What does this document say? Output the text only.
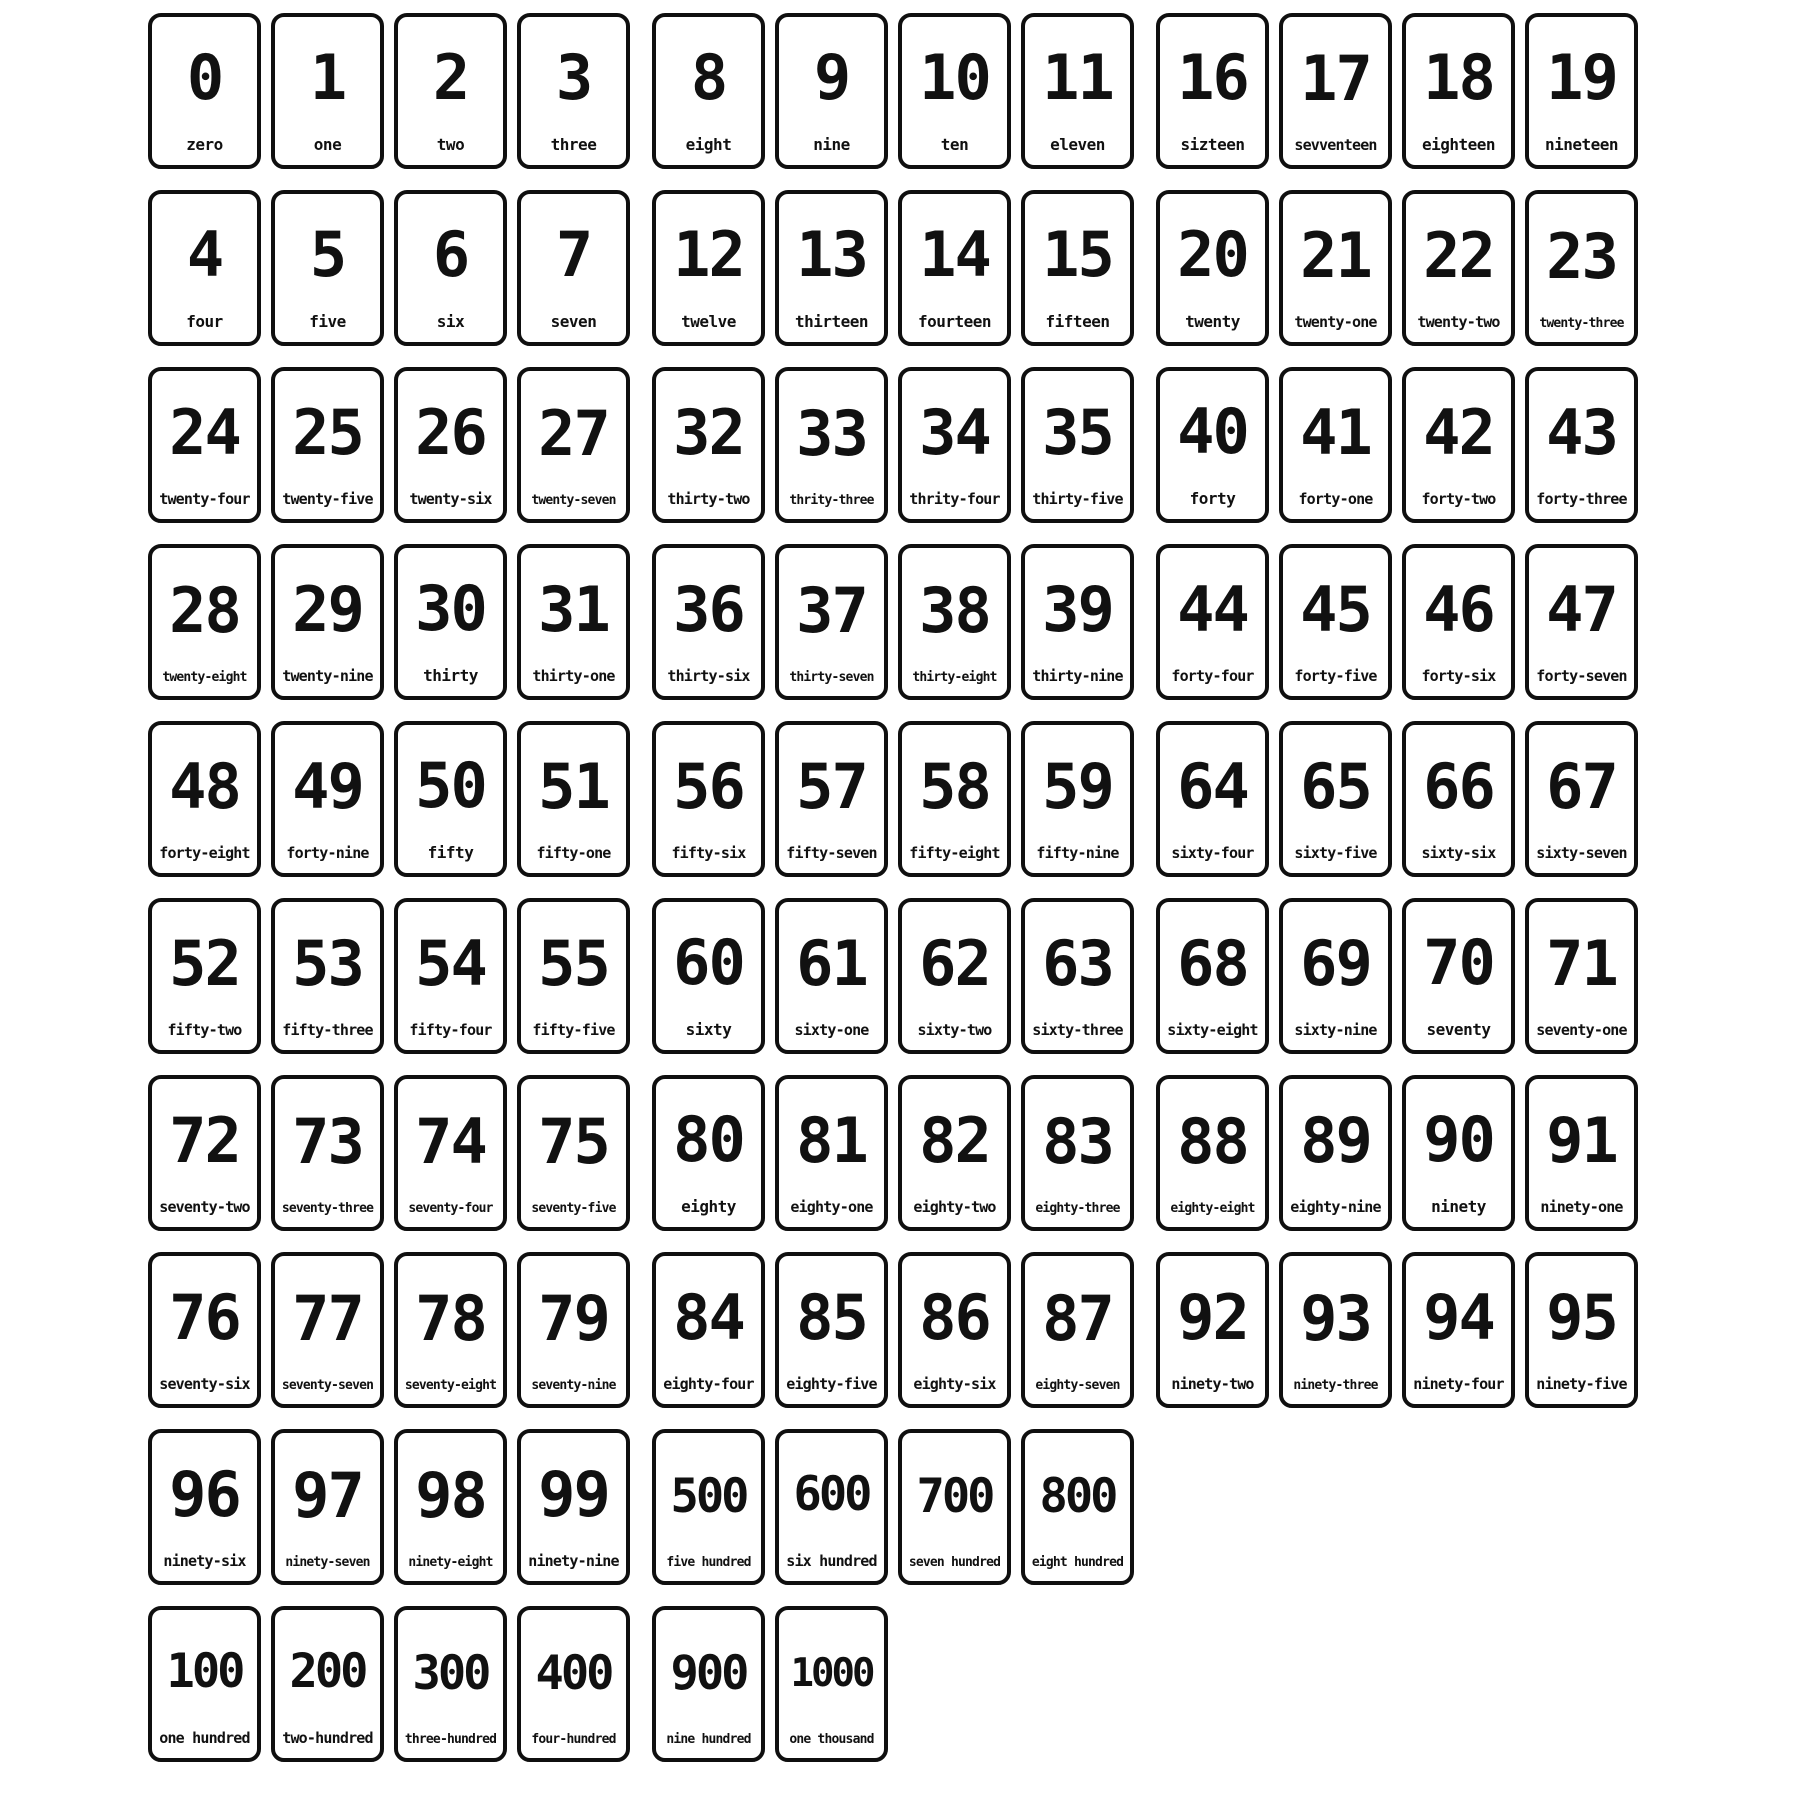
0
zero
1
one
2
two
3
three
8
eight
9
nine
10
ten
11
eleven
16
sizteen
17
sevventeen
18
eighteen
19
nineteen
4
four
5
five
6
six
7
seven
12
twelve
13
thirteen
14
fourteen
15
fifteen
20
twenty
21
twenty-one
22
twenty-two
23
twenty-three
24
twenty-four
25
twenty-five
26
twenty-six
27
twenty-seven
32
thirty-two
33
thrity-three
34
thrity-four
35
thirty-five
40
forty
41
forty-one
42
forty-two
43
forty-three
28
twenty-eight
29
twenty-nine
30
thirty
31
thirty-one
36
thirty-six
37
thirty-seven
38
thirty-eight
39
thirty-nine
44
forty-four
45
forty-five
46
forty-six
47
forty-seven
48
forty-eight
49
forty-nine
50
fifty
51
fifty-one
56
fifty-six
57
fifty-seven
58
fifty-eight
59
fifty-nine
64
sixty-four
65
sixty-five
66
sixty-six
67
sixty-seven
52
fifty-two
53
fifty-three
54
fifty-four
55
fifty-five
60
sixty
61
sixty-one
62
sixty-two
63
sixty-three
68
sixty-eight
69
sixty-nine
70
seventy
71
seventy-one
72
seventy-two
73
seventy-three
74
seventy-four
75
seventy-five
80
eighty
81
eighty-one
82
eighty-two
83
eighty-three
88
eighty-eight
89
eighty-nine
90
ninety
91
ninety-one
76
seventy-six
77
seventy-seven
78
seventy-eight
79
seventy-nine
84
eighty-four
85
eighty-five
86
eighty-six
87
eighty-seven
92
ninety-two
93
ninety-three
94
ninety-four
95
ninety-five
96
ninety-six
97
ninety-seven
98
ninety-eight
99
ninety-nine
500
five hundred
600
six hundred
700
seven hundred
800
eight hundred
100
one hundred
200
two-hundred
300
three-hundred
400
four-hundred
900
nine hundred
1000
one thousand
